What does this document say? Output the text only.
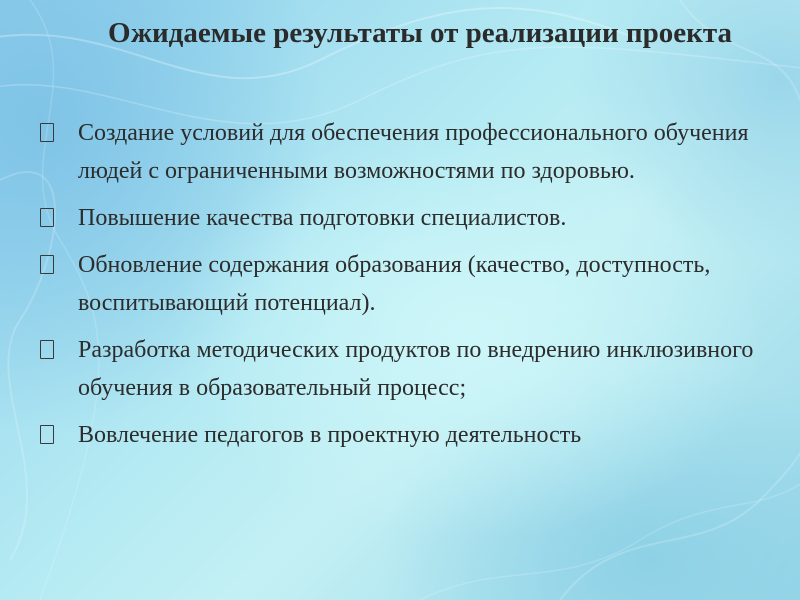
Ожидаемые результаты от реализации проекта
Создание условий для обеспечения профессионального обучения людей с ограниченными возможностями по здоровью.
Повышение качества подготовки специалистов.
Обновление содержания образования (качество, доступность, воспитывающий потенциал).
Разработка методических продуктов по внедрению инклюзивного обучения в образовательный процесс;
Вовлечение педагогов в проектную деятельность
